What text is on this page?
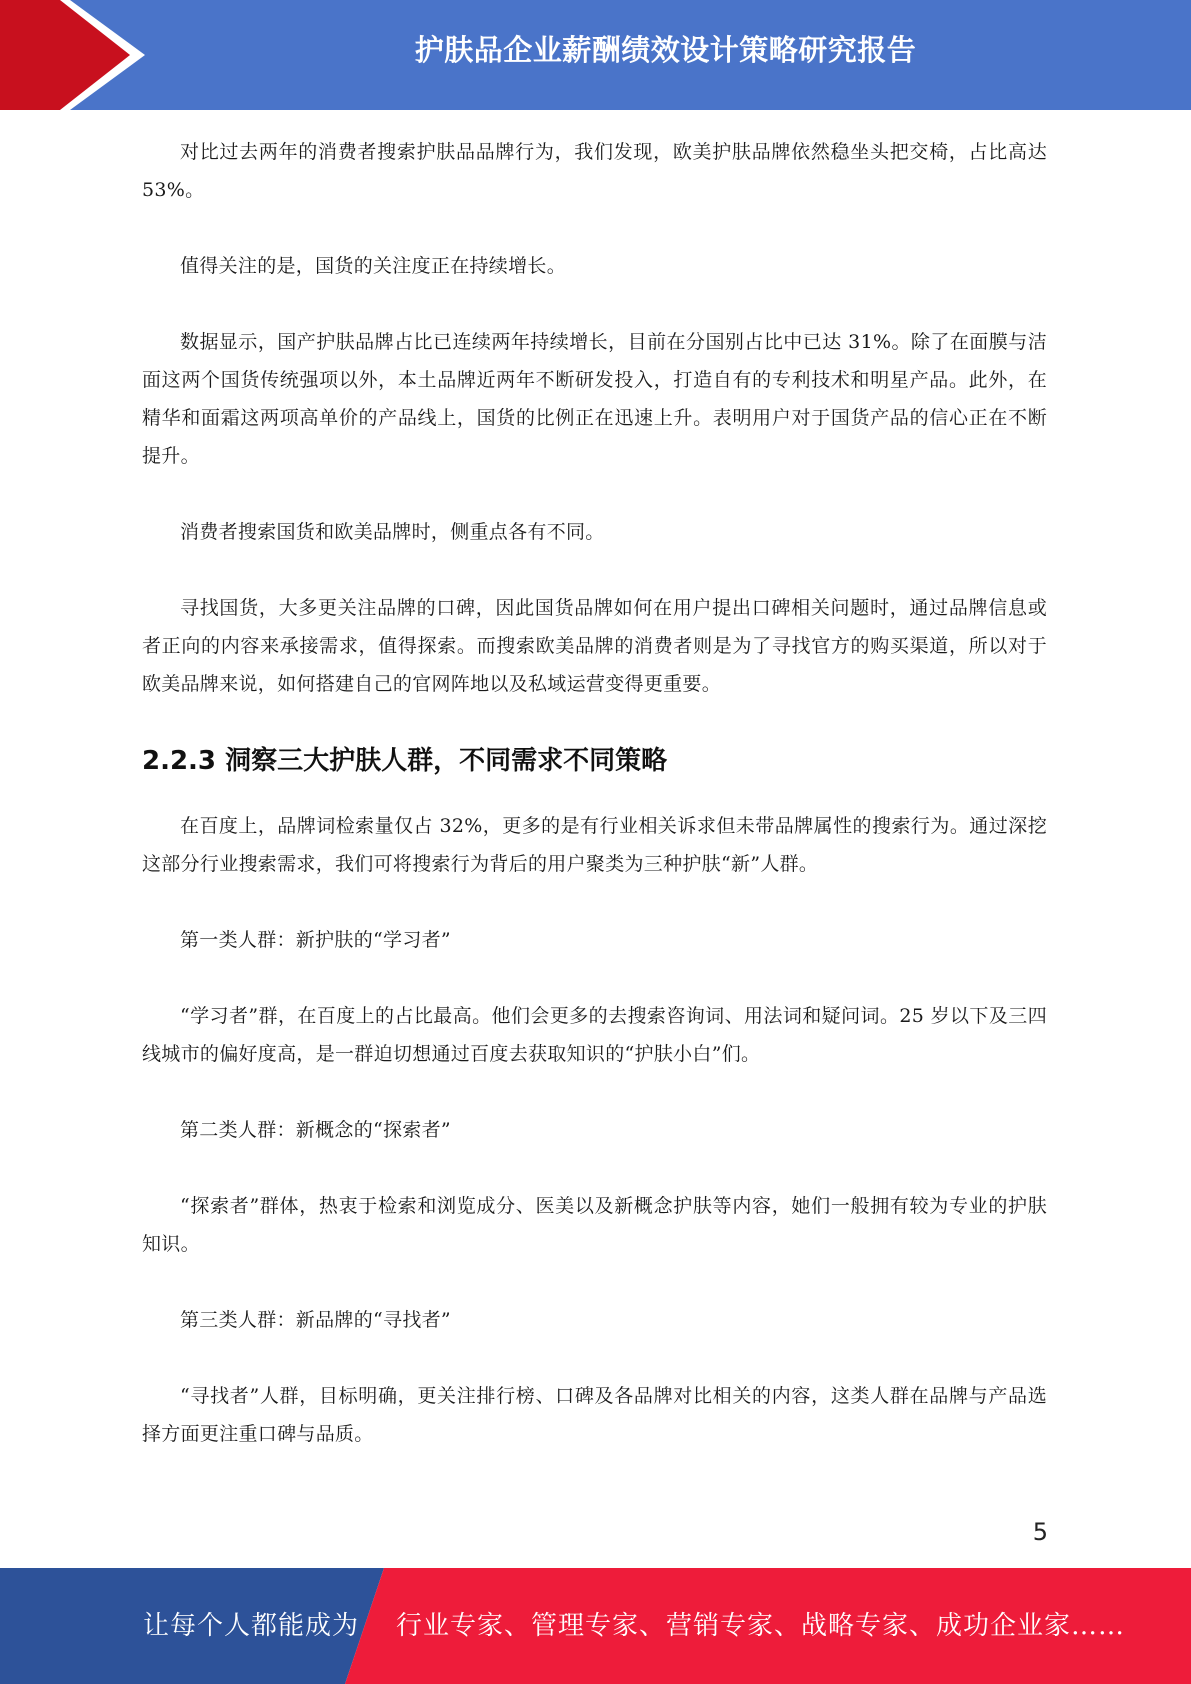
护肤品企业薪酬绩效设计策略研究报告

对比过去两年的消费者搜索护肤品品牌行为，我们发现，欧美护肤品牌依然稳坐头把交椅，占比高达 53%。

值得关注的是，国货的关注度正在持续增长。

数据显示，国产护肤品牌占比已连续两年持续增长，目前在分国别占比中已达 31%。除了在面膜与洁面这两个国货传统强项以外，本土品牌近两年不断研发投入，打造自有的专利技术和明星产品。此外，在精华和面霜这两项高单价的产品线上，国货的比例正在迅速上升。表明用户对于国货产品的信心正在不断提升。

消费者搜索国货和欧美品牌时，侧重点各有不同。

寻找国货，大多更关注品牌的口碑，因此国货品牌如何在用户提出口碑相关问题时，通过品牌信息或者正向的内容来承接需求，值得探索。而搜索欧美品牌的消费者则是为了寻找官方的购买渠道，所以对于欧美品牌来说，如何搭建自己的官网阵地以及私域运营变得更重要。

2.2.3 洞察三大护肤人群，不同需求不同策略

在百度上，品牌词检索量仅占 32%，更多的是有行业相关诉求但未带品牌属性的搜索行为。通过深挖这部分行业搜索需求，我们可将搜索行为背后的用户聚类为三种护肤“新”人群。

第一类人群：新护肤的“学习者”

“学习者”群，在百度上的占比最高。他们会更多的去搜索咨询词、用法词和疑问词。25 岁以下及三四线城市的偏好度高，是一群迫切想通过百度去获取知识的“护肤小白”们。

第二类人群：新概念的“探索者”

“探索者”群体，热衷于检索和浏览成分、医美以及新概念护肤等内容，她们一般拥有较为专业的护肤知识。

第三类人群：新品牌的“寻找者”

“寻找者”人群，目标明确，更关注排行榜、口碑及各品牌对比相关的内容，这类人群在品牌与产品选择方面更注重口碑与品质。

5
让每个人都能成为 行业专家、管理专家、营销专家、战略专家、成功企业家……
